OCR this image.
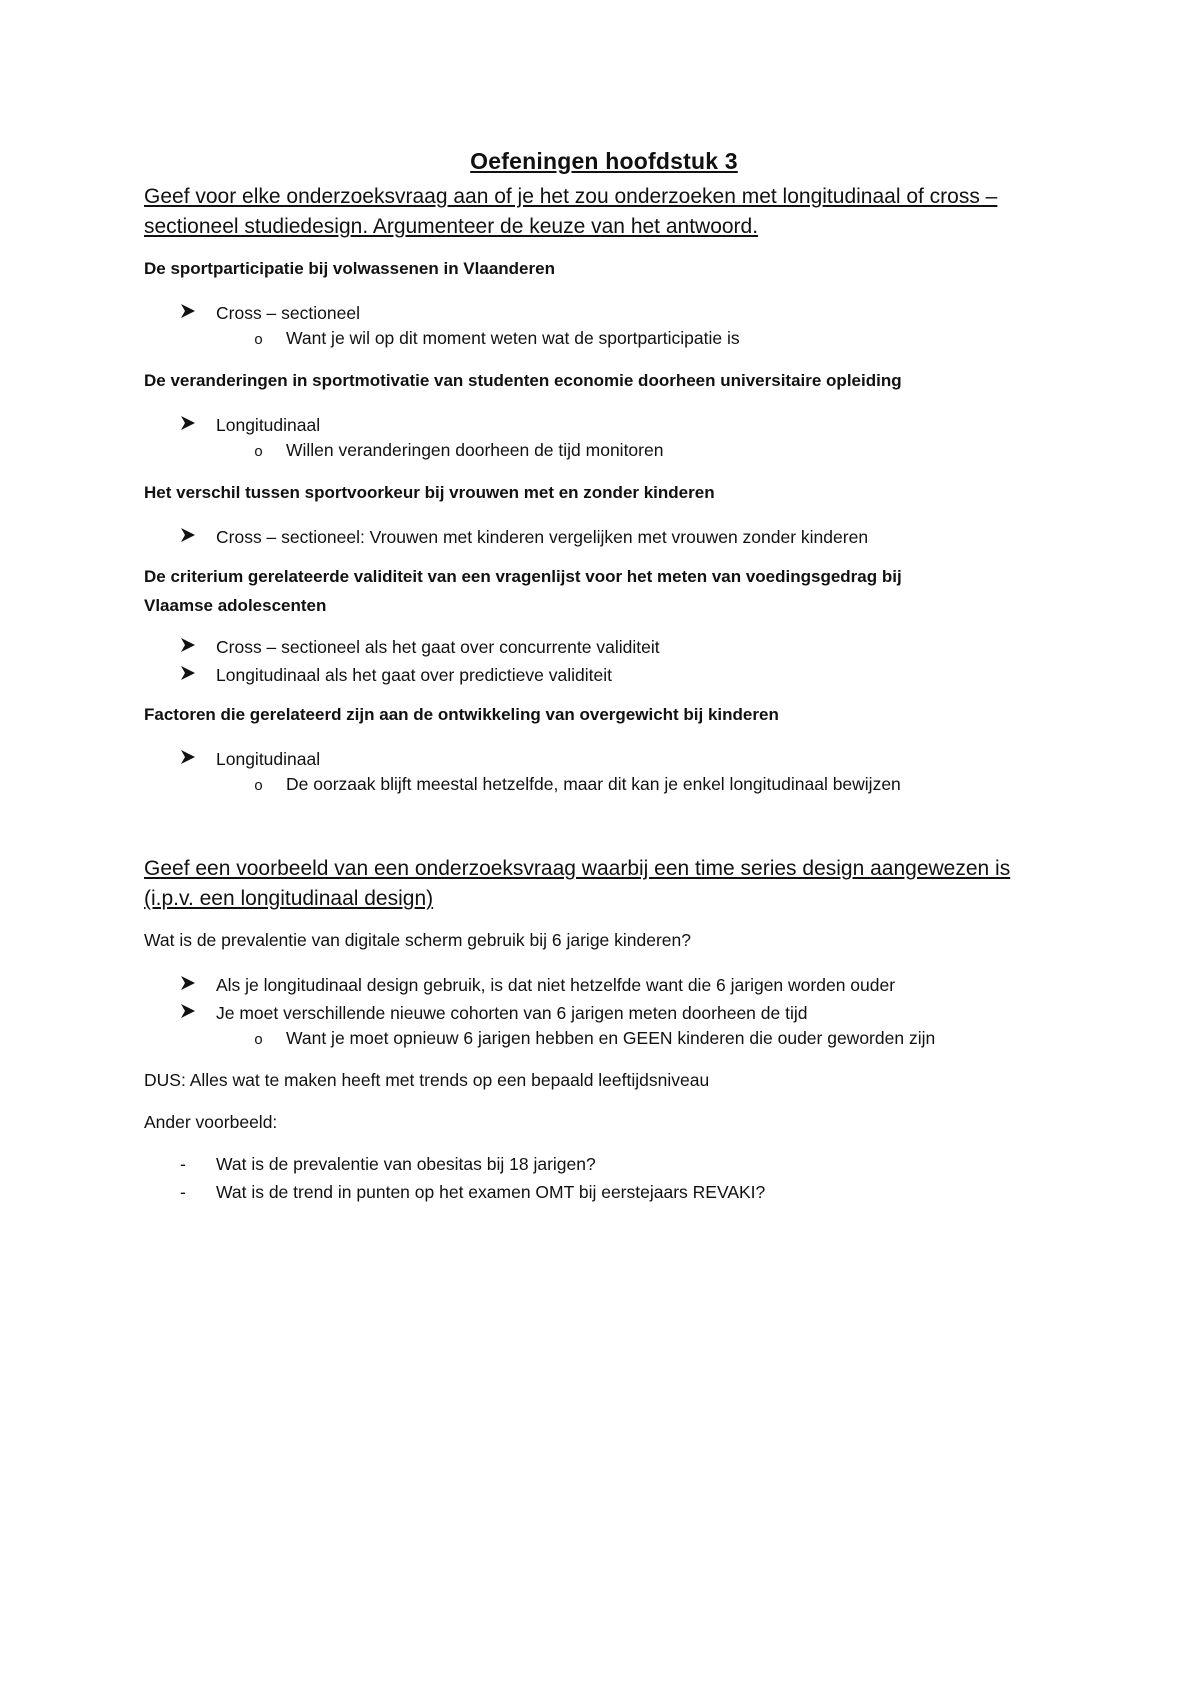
Oefeningen hoofdstuk 3
Geef voor elke onderzoeksvraag aan of je het zou onderzoeken met longitudinaal of cross –
sectioneel studiedesign. Argumenteer de keuze van het antwoord.
De sportparticipatie bij volwassenen in Vlaanderen
Cross – sectioneel
o	Want je wil op dit moment weten wat de sportparticipatie is
De veranderingen in sportmotivatie van studenten economie doorheen universitaire opleiding
Longitudinaal
o	Willen veranderingen doorheen de tijd monitoren
Het verschil tussen sportvoorkeur bij vrouwen met en zonder kinderen
Cross – sectioneel: Vrouwen met kinderen vergelijken met vrouwen zonder kinderen
De criterium gerelateerde validiteit van een vragenlijst voor het meten van voedingsgedrag bij
Vlaamse adolescenten
Cross – sectioneel als het gaat over concurrente validiteit
Longitudinaal als het gaat over predictieve validiteit
Factoren die gerelateerd zijn aan de ontwikkeling van overgewicht bij kinderen
Longitudinaal
o	De oorzaak blijft meestal hetzelfde, maar dit kan je enkel longitudinaal bewijzen
Geef een voorbeeld van een onderzoeksvraag waarbij een time series design aangewezen is
(i.p.v. een longitudinaal design)
Wat is de prevalentie van digitale scherm gebruik bij 6 jarige kinderen?
Als je longitudinaal design gebruik, is dat niet hetzelfde want die 6 jarigen worden ouder
Je moet verschillende nieuwe cohorten van 6 jarigen meten doorheen de tijd
o	Want je moet opnieuw 6 jarigen hebben en GEEN kinderen die ouder geworden zijn
DUS: Alles wat te maken heeft met trends op een bepaald leeftijdsniveau
Ander voorbeeld:
-	Wat is de prevalentie van obesitas bij 18 jarigen?
-	Wat is de trend in punten op het examen OMT bij eerstejaars REVAKI?
